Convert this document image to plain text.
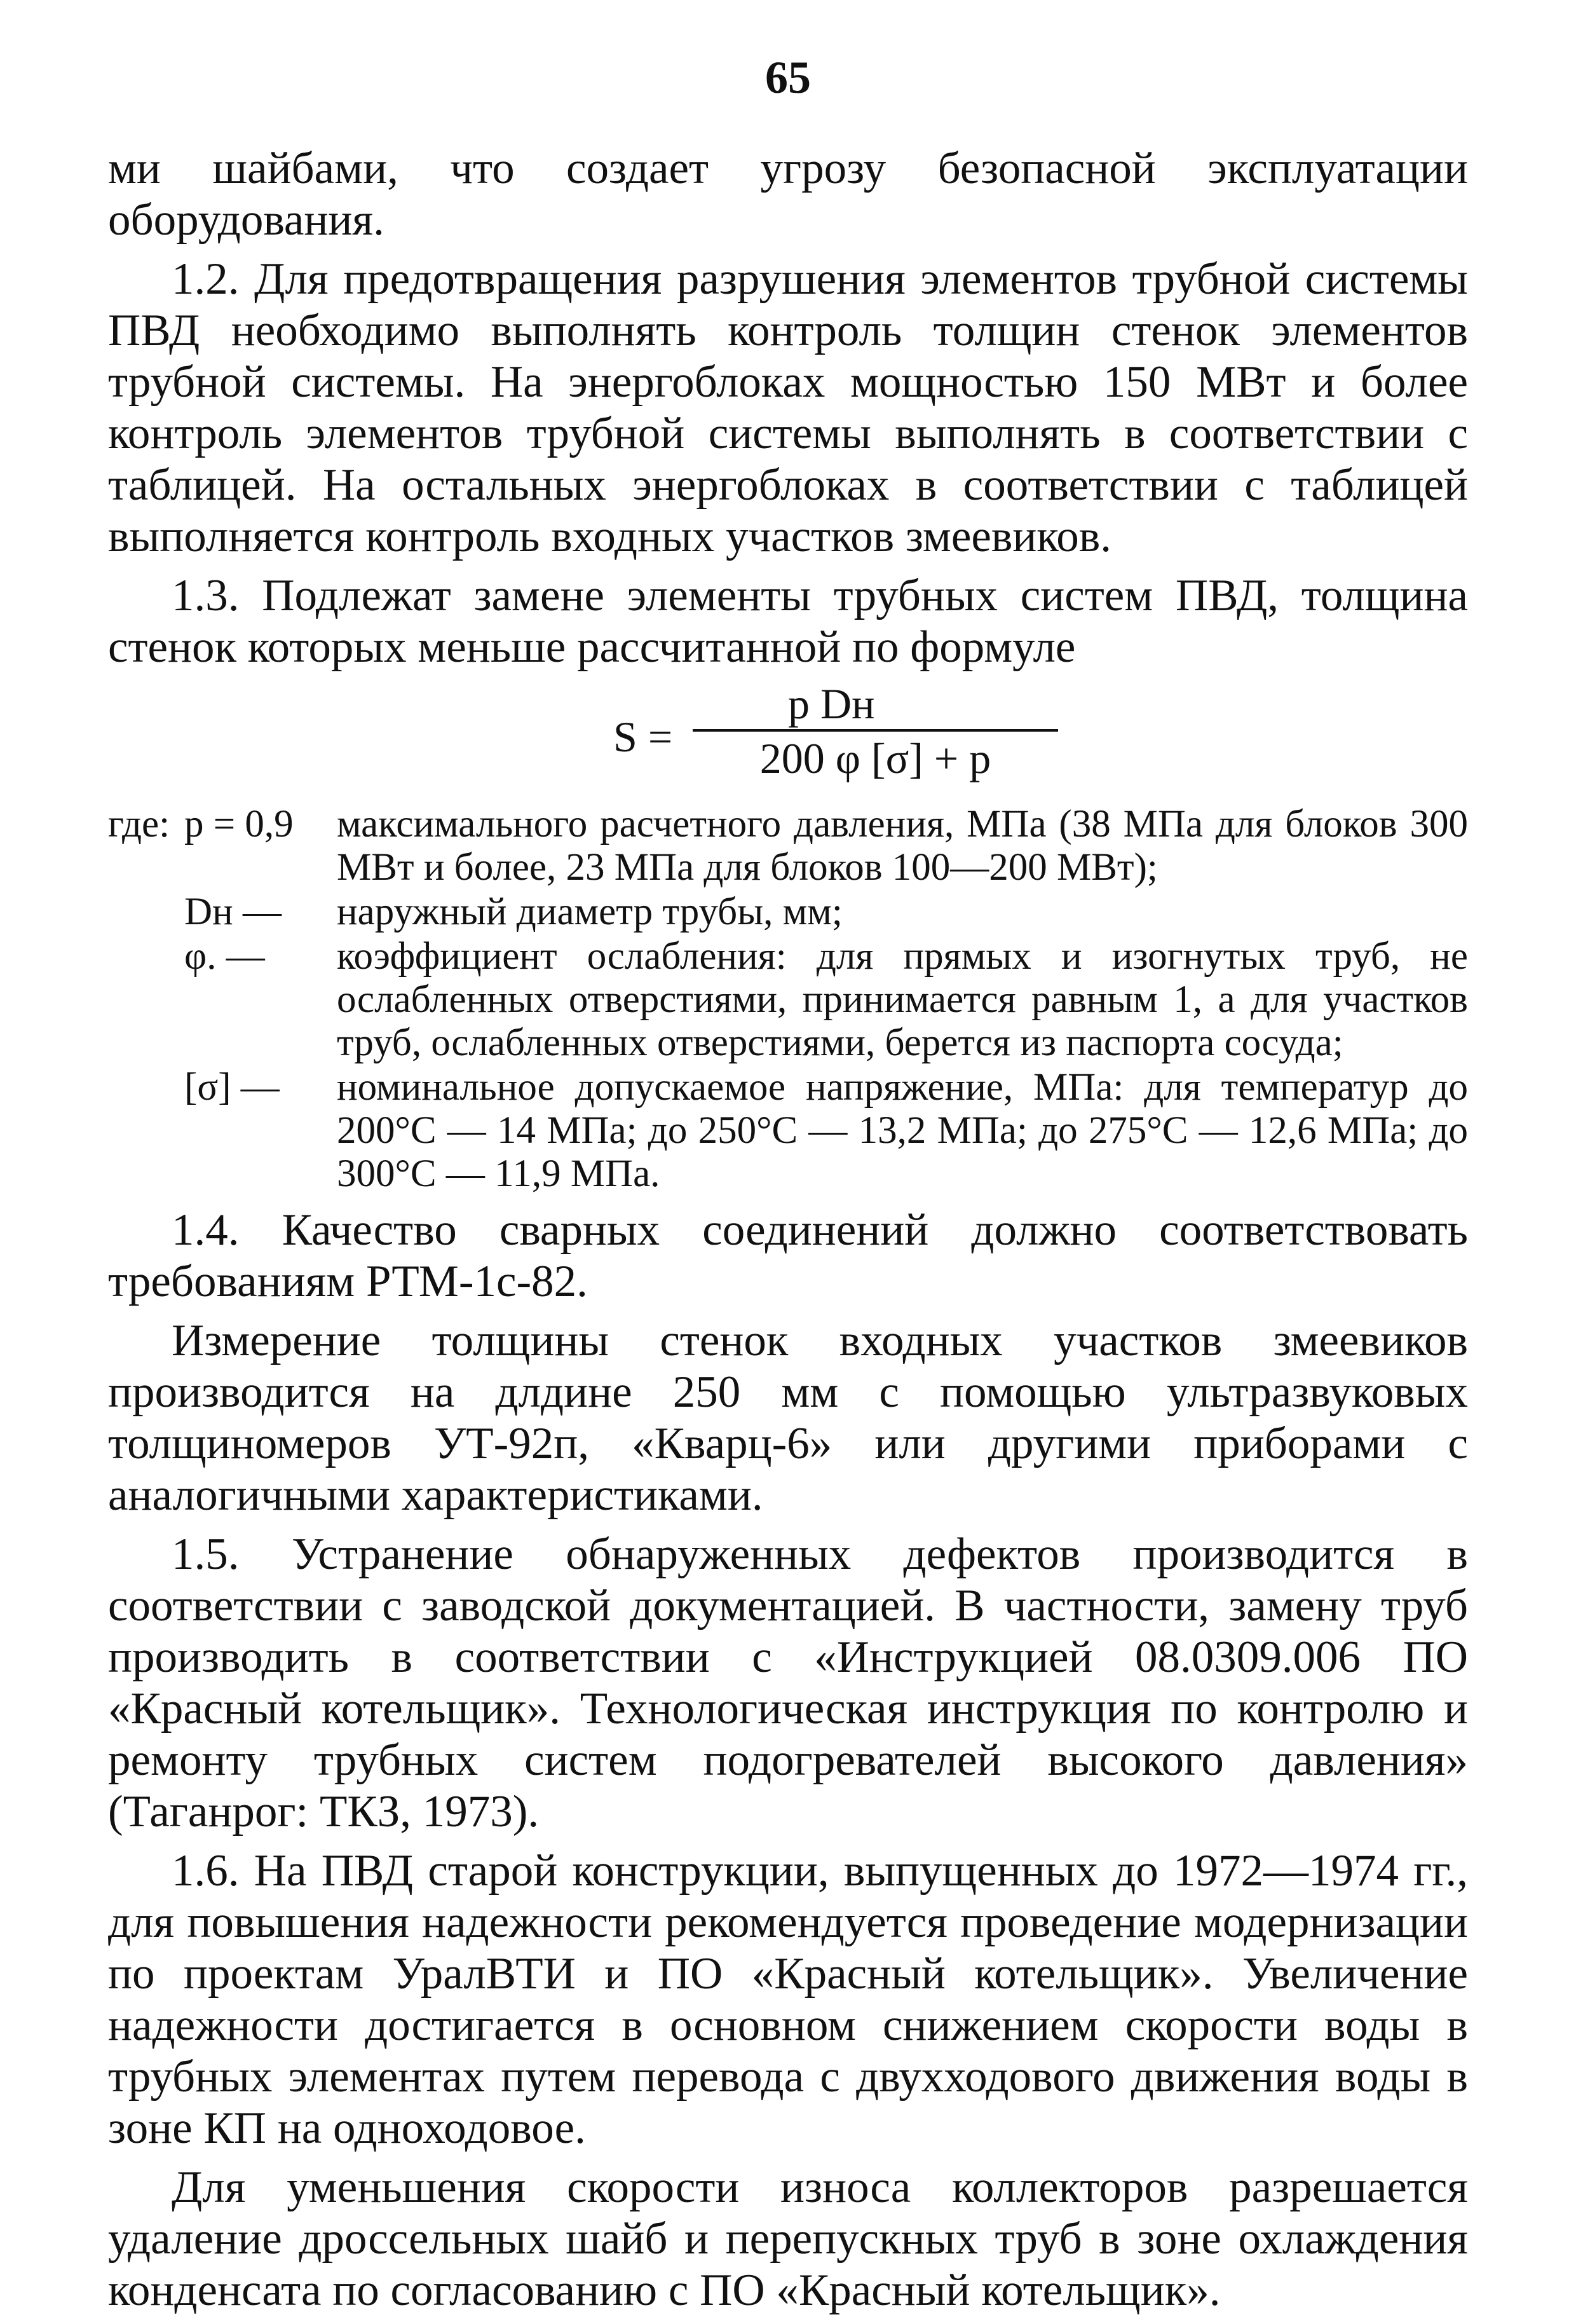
65

ми шайбами, что создает угрозу безопасной эксплуатации оборудования.

1.2. Для предотвращения разрушения элементов трубной системы ПВД необходимо выполнять контроль толщин стенок элементов трубной системы. На энергоблоках мощностью 150 МВт и более контроль элементов трубной системы выполнять в соответствии с таблицей. На остальных энергоблоках в соответствии с таблицей выполняется контроль входных участков змеевиков.

1.3. Подлежат замене элементы трубных систем ПВД, толщина стенок которых меньше рассчитанной по формуле

S =
p Dн
200 φ [σ] + p
где: p = 0,9	максимального расчетного давления, МПа (38 МПа для блоков 300 МВт и более, 23 МПа для блоков 100—200 МВт);
Dн —	наружный диаметр трубы, мм;
φ. —	коэффициент ослабления: для прямых и изогнутых труб, не ослабленных отверстиями, принимается равным 1, а для участков труб, ослабленных отверстиями, берется из паспорта сосуда;
[σ] —	номинальное допускаемое напряжение, МПа: для температур до 200°С — 14 МПа; до 250°С — 13,2 МПа; до 275°С — 12,6 МПа; до 300°С — 11,9 МПа.

1.4. Качество сварных соединений должно соответствовать требованиям РТМ-1с-82.

Измерение толщины стенок входных участков змеевиков производится на длдине 250 мм с помощью ультразвуковых толщиномеров УТ-92п, «Кварц-6» или другими приборами с аналогичными характеристиками.

1.5. Устранение обнаруженных дефектов производится в соответствии с заводской документацией. В частности, замену труб производить в соответствии с «Инструкцией 08.0309.006 ПО «Красный котельщик». Технологическая инструкция по контролю и ремонту трубных систем подогревателей высокого давления» (Таганрог: ТКЗ, 1973).

1.6. На ПВД старой конструкции, выпущенных до 1972—1974 гг., для повышения надежности рекомендуется проведение модернизации по проектам УралВТИ и ПО «Красный котельщик». Увеличение надежности достигается в основном снижением скорости воды в трубных элементах путем перевода с двухходового движения воды в зоне КП на одноходовое.

Для уменьшения скорости износа коллекторов разрешается удаление дроссельных шайб и перепускных труб в зоне охлаждения конденсата по согласованию с ПО «Красный котельщик».
